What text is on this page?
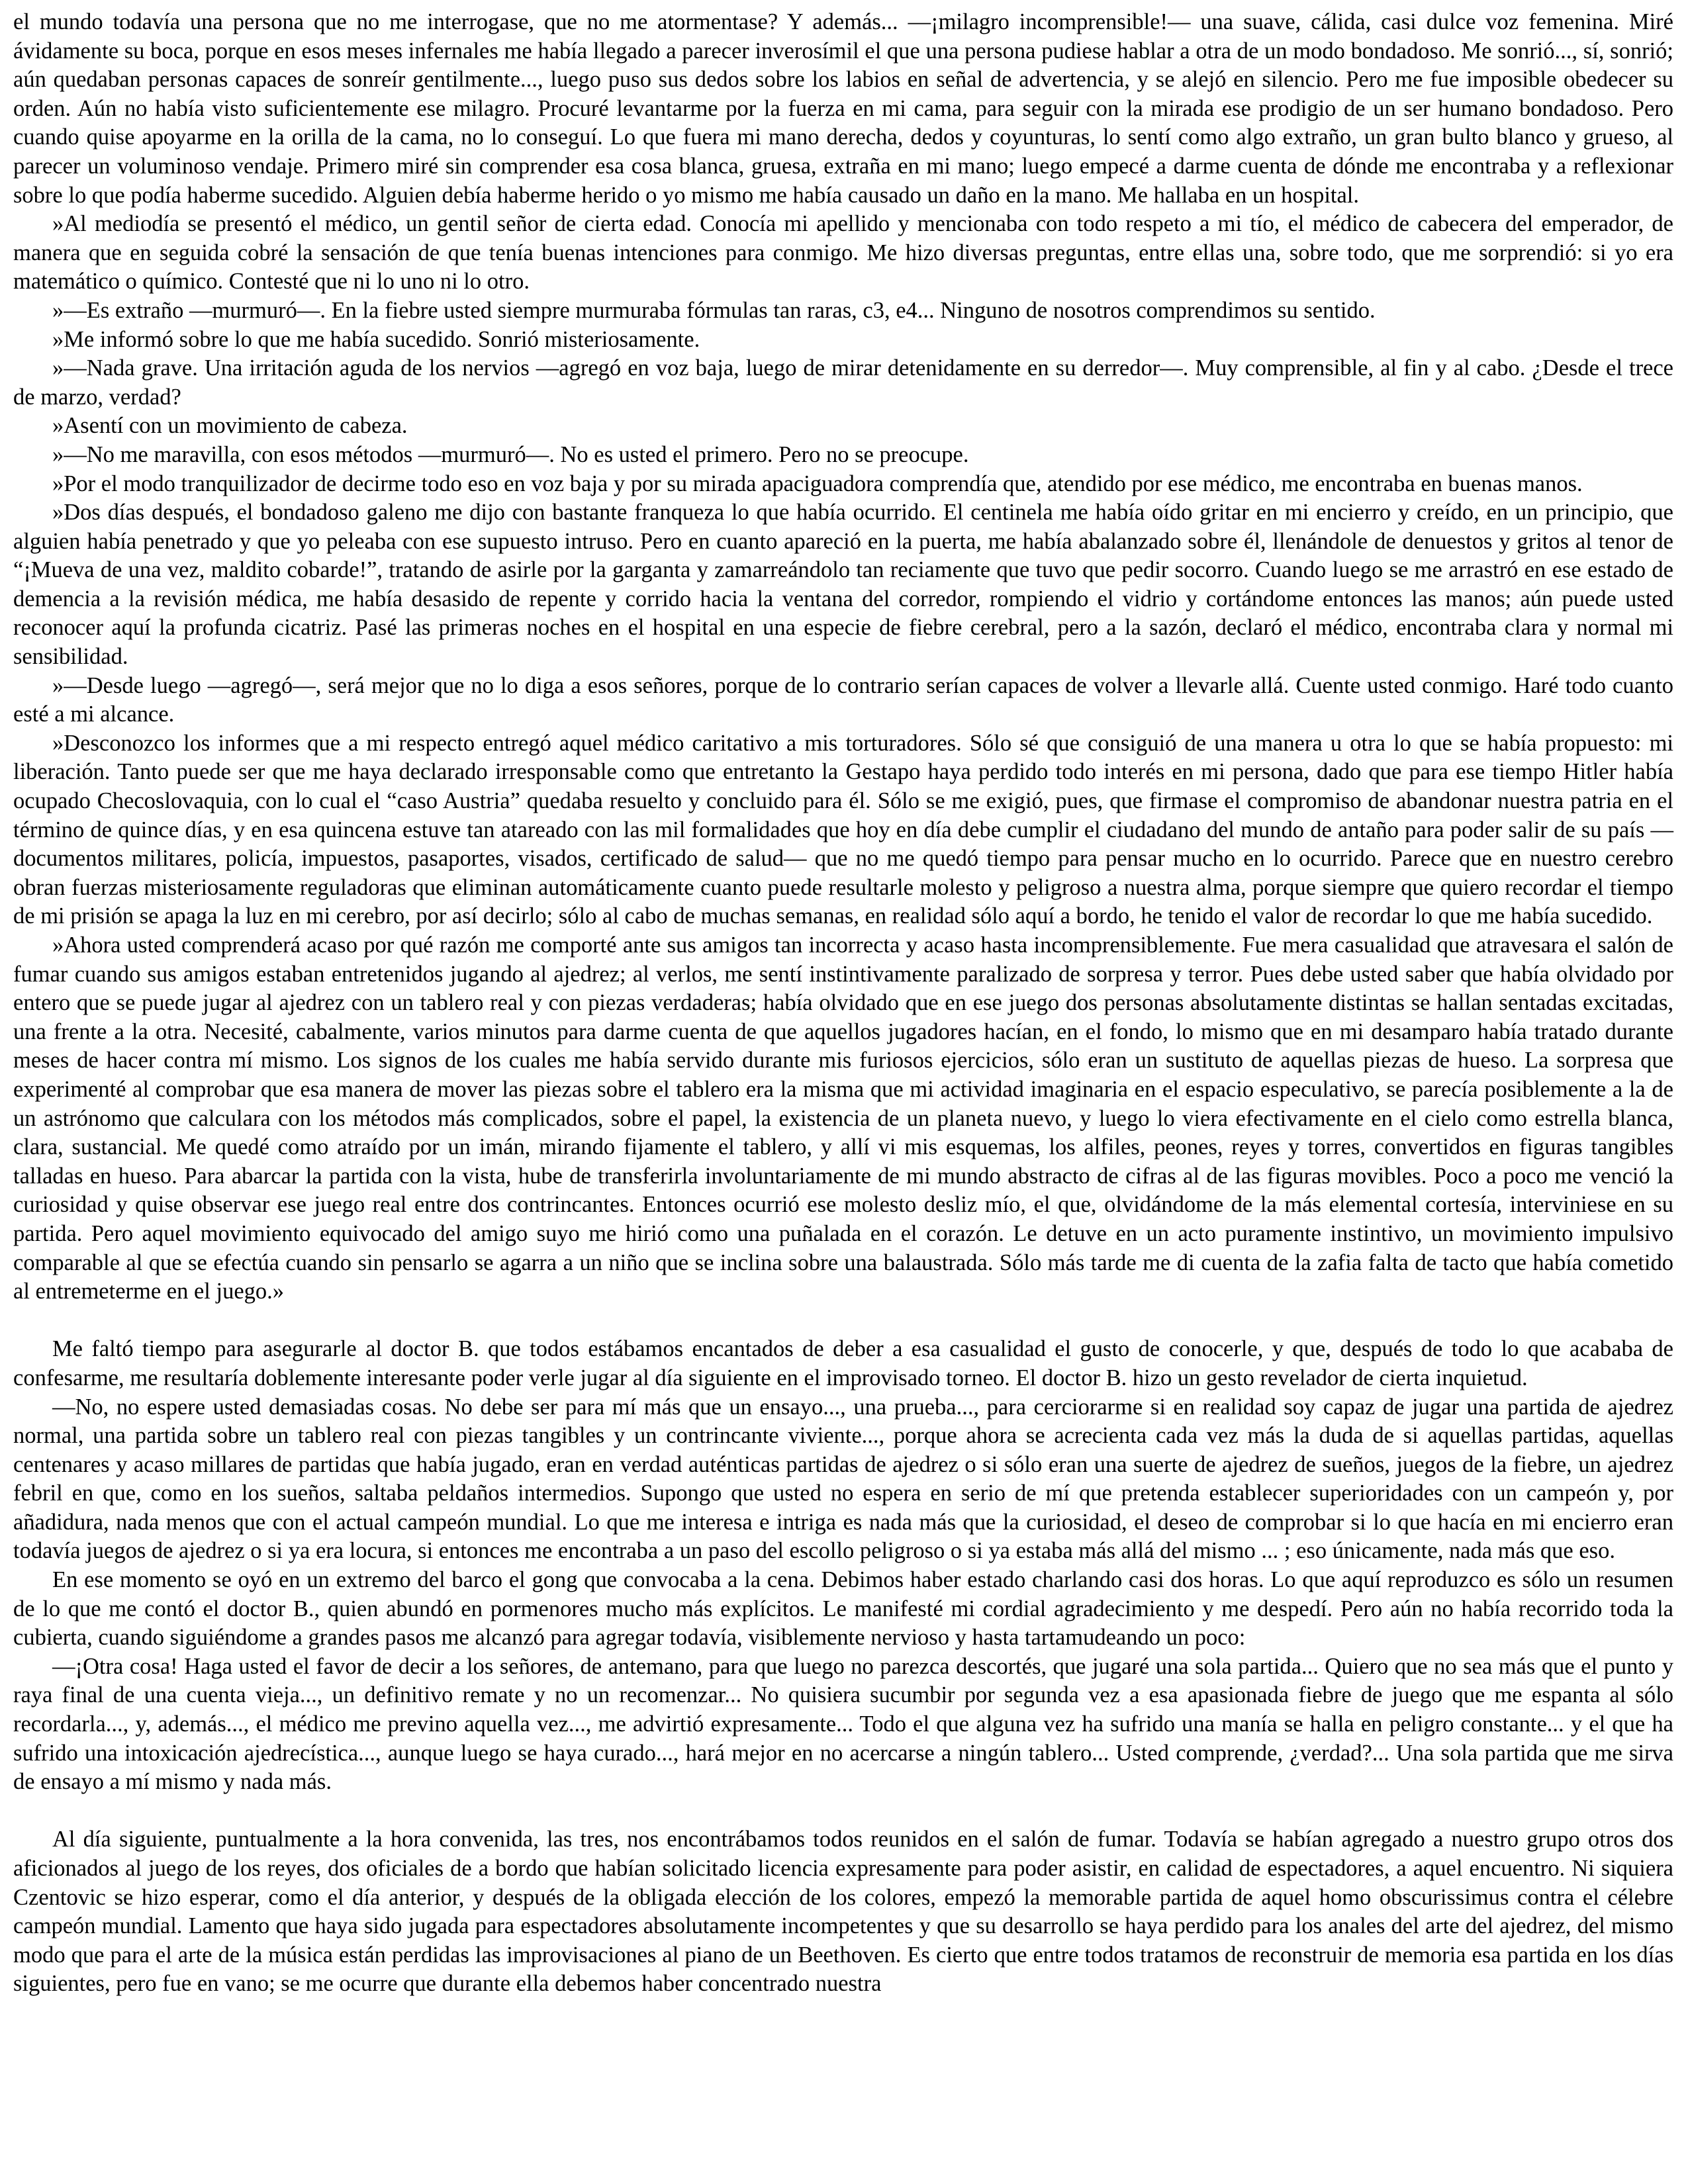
el mundo todavía una persona que no me interrogase, que no me atormentase? Y además... —¡milagro incomprensible!— una suave, cálida, casi dulce voz femenina. Miré ávidamente su boca, porque en esos meses infernales me había llegado a parecer inverosímil el que una persona pudiese hablar a otra de un modo bondadoso. Me sonrió..., sí, sonrió; aún quedaban personas capaces de sonreír gentilmente..., luego puso sus dedos sobre los labios en señal de advertencia, y se alejó en silencio. Pero me fue imposible obedecer su orden. Aún no había visto suficientemente ese milagro. Procuré levantarme por la fuerza en mi cama, para seguir con la mirada ese prodigio de un ser humano bondadoso. Pero cuando quise apoyarme en la orilla de la cama, no lo conseguí. Lo que fuera mi mano derecha, dedos y coyunturas, lo sentí como algo extraño, un gran bulto blanco y grueso, al parecer un voluminoso vendaje. Primero miré sin comprender esa cosa blanca, gruesa, extraña en mi mano; luego empecé a darme cuenta de dónde me encontraba y a reflexionar sobre lo que podía haberme sucedido. Alguien debía haberme herido o yo mismo me había causado un daño en la mano. Me hallaba en un hospital.

»Al mediodía se presentó el médico, un gentil señor de cierta edad. Conocía mi apellido y mencionaba con todo respeto a mi tío, el médico de cabecera del emperador, de manera que en seguida cobré la sensación de que tenía buenas intenciones para conmigo. Me hizo diversas preguntas, entre ellas una, sobre todo, que me sorprendió: si yo era matemático o químico. Contesté que ni lo uno ni lo otro.

»—Es extraño —murmuró—. En la fiebre usted siempre murmuraba fórmulas tan raras, c3, e4... Ninguno de nosotros comprendimos su sentido.

»Me informó sobre lo que me había sucedido. Sonrió misteriosamente.

»—Nada grave. Una irritación aguda de los nervios —agregó en voz baja, luego de mirar detenidamente en su derredor—. Muy comprensible, al fin y al cabo. ¿Desde el trece de marzo, verdad?

»Asentí con un movimiento de cabeza.

»—No me maravilla, con esos métodos —murmuró—. No es usted el primero. Pero no se preocupe.

»Por el modo tranquilizador de decirme todo eso en voz baja y por su mirada apaciguadora comprendía que, atendido por ese médico, me encontraba en buenas manos.

»Dos días después, el bondadoso galeno me dijo con bastante franqueza lo que había ocurrido. El centinela me había oído gritar en mi encierro y creído, en un principio, que alguien había penetrado y que yo peleaba con ese supuesto intruso. Pero en cuanto apareció en la puerta, me había abalanzado sobre él, llenándole de denuestos y gritos al tenor de “¡Mueva de una vez, maldito cobarde!”, tratando de asirle por la garganta y zamarreándolo tan reciamente que tuvo que pedir socorro. Cuando luego se me arrastró en ese estado de demencia a la revisión médica, me había desasido de repente y corrido hacia la ventana del corredor, rompiendo el vidrio y cortándome entonces las manos; aún puede usted reconocer aquí la profunda cicatriz. Pasé las primeras noches en el hospital en una especie de fiebre cerebral, pero a la sazón, declaró el médico, encontraba clara y normal mi sensibilidad.

»—Desde luego —agregó—, será mejor que no lo diga a esos señores, porque de lo contrario serían capaces de volver a llevarle allá. Cuente usted conmigo. Haré todo cuanto esté a mi alcance.

»Desconozco los informes que a mi respecto entregó aquel médico caritativo a mis torturadores. Sólo sé que consiguió de una manera u otra lo que se había propuesto: mi liberación. Tanto puede ser que me haya declarado irresponsable como que entretanto la Gestapo haya perdido todo interés en mi persona, dado que para ese tiempo Hitler había ocupado Checoslovaquia, con lo cual el “caso Austria” quedaba resuelto y concluido para él. Sólo se me exigió, pues, que firmase el compromiso de abandonar nuestra patria en el término de quince días, y en esa quincena estuve tan atareado con las mil formalidades que hoy en día debe cumplir el ciudadano del mundo de antaño para poder salir de su país —documentos militares, policía, impuestos, pasaportes, visados, certificado de salud— que no me quedó tiempo para pensar mucho en lo ocurrido. Parece que en nuestro cerebro obran fuerzas misteriosamente reguladoras que eliminan automáticamente cuanto puede resultarle molesto y peligroso a nuestra alma, porque siempre que quiero recordar el tiempo de mi prisión se apaga la luz en mi cerebro, por así decirlo; sólo al cabo de muchas semanas, en realidad sólo aquí a bordo, he tenido el valor de recordar lo que me había sucedido.

»Ahora usted comprenderá acaso por qué razón me comporté ante sus amigos tan incorrecta y acaso hasta incomprensiblemente. Fue mera casualidad que atravesara el salón de fumar cuando sus amigos estaban entretenidos jugando al ajedrez; al verlos, me sentí instintivamente paralizado de sorpresa y terror. Pues debe usted saber que había olvidado por entero que se puede jugar al ajedrez con un tablero real y con piezas verdaderas; había olvidado que en ese juego dos personas absolutamente distintas se hallan sentadas excitadas, una frente a la otra. Necesité, cabalmente, varios minutos para darme cuenta de que aquellos jugadores hacían, en el fondo, lo mismo que en mi desamparo había tratado durante meses de hacer contra mí mismo. Los signos de los cuales me había servido durante mis furiosos ejercicios, sólo eran un sustituto de aquellas piezas de hueso. La sorpresa que experimenté al comprobar que esa manera de mover las piezas sobre el tablero era la misma que mi actividad imaginaria en el espacio especulativo, se parecía posiblemente a la de un astrónomo que calculara con los métodos más complicados, sobre el papel, la existencia de un planeta nuevo, y luego lo viera efectivamente en el cielo como estrella blanca, clara, sustancial. Me quedé como atraído por un imán, mirando fijamente el tablero, y allí vi mis esquemas, los alfiles, peones, reyes y torres, convertidos en figuras tangibles talladas en hueso. Para abarcar la partida con la vista, hube de transferirla involuntariamente de mi mundo abstracto de cifras al de las figuras movibles. Poco a poco me venció la curiosidad y quise observar ese juego real entre dos contrincantes. Entonces ocurrió ese molesto desliz mío, el que, olvidándome de la más elemental cortesía, interviniese en su partida. Pero aquel movimiento equivocado del amigo suyo me hirió como una puñalada en el corazón. Le detuve en un acto puramente instintivo, un movimiento impulsivo comparable al que se efectúa cuando sin pensarlo se agarra a un niño que se inclina sobre una balaustrada. Sólo más tarde me di cuenta de la zafia falta de tacto que había cometido al entremeterme en el juego.»

Me faltó tiempo para asegurarle al doctor B. que todos estábamos encantados de deber a esa casualidad el gusto de conocerle, y que, después de todo lo que acababa de confesarme, me resultaría doblemente interesante poder verle jugar al día siguiente en el improvisado torneo. El doctor B. hizo un gesto revelador de cierta inquietud.

—No, no espere usted demasiadas cosas. No debe ser para mí más que un ensayo..., una prueba..., para cerciorarme si en realidad soy capaz de jugar una partida de ajedrez normal, una partida sobre un tablero real con piezas tangibles y un contrincante viviente..., porque ahora se acrecienta cada vez más la duda de si aquellas partidas, aquellas centenares y acaso millares de partidas que había jugado, eran en verdad auténticas partidas de ajedrez o si sólo eran una suerte de ajedrez de sueños, juegos de la fiebre, un ajedrez febril en que, como en los sueños, saltaba peldaños intermedios. Supongo que usted no espera en serio de mí que pretenda establecer superioridades con un campeón y, por añadidura, nada menos que con el actual campeón mundial. Lo que me interesa e intriga es nada más que la curiosidad, el deseo de comprobar si lo que hacía en mi encierro eran todavía juegos de ajedrez o si ya era locura, si entonces me encontraba a un paso del escollo peligroso o si ya estaba más allá del mismo ... ; eso únicamente, nada más que eso.

En ese momento se oyó en un extremo del barco el gong que convocaba a la cena. Debimos haber estado charlando casi dos horas. Lo que aquí reproduzco es sólo un resumen de lo que me contó el doctor B., quien abundó en pormenores mucho más explícitos. Le manifesté mi cordial agradecimiento y me despedí. Pero aún no había recorrido toda la cubierta, cuando siguiéndome a grandes pasos me alcanzó para agregar todavía, visiblemente nervioso y hasta tartamudeando un poco:

—¡Otra cosa! Haga usted el favor de decir a los señores, de antemano, para que luego no parezca descortés, que jugaré una sola partida... Quiero que no sea más que el punto y raya final de una cuenta vieja..., un definitivo remate y no un recomenzar... No quisiera sucumbir por segunda vez a esa apasionada fiebre de juego que me espanta al sólo recordarla..., y, además..., el médico me previno aquella vez..., me advirtió expresamente... Todo el que alguna vez ha sufrido una manía se halla en peligro constante... y el que ha sufrido una intoxicación ajedrecística..., aunque luego se haya curado..., hará mejor en no acercarse a ningún tablero... Usted comprende, ¿verdad?... Una sola partida que me sirva de ensayo a mí mismo y nada más.

Al día siguiente, puntualmente a la hora convenida, las tres, nos encontrábamos todos reunidos en el salón de fumar. Todavía se habían agregado a nuestro grupo otros dos aficionados al juego de los reyes, dos oficiales de a bordo que habían solicitado licencia expresamente para poder asistir, en calidad de espectadores, a aquel encuentro. Ni siquiera Czentovic se hizo esperar, como el día anterior, y después de la obligada elección de los colores, empezó la memorable partida de aquel homo obscurissimus contra el célebre campeón mundial. Lamento que haya sido jugada para espectadores absolutamente incompetentes y que su desarrollo se haya perdido para los anales del arte del ajedrez, del mismo modo que para el arte de la música están perdidas las improvisaciones al piano de un Beethoven. Es cierto que entre todos tratamos de reconstruir de memoria esa partida en los días siguientes, pero fue en vano; se me ocurre que durante ella debemos haber concentrado nuestra
